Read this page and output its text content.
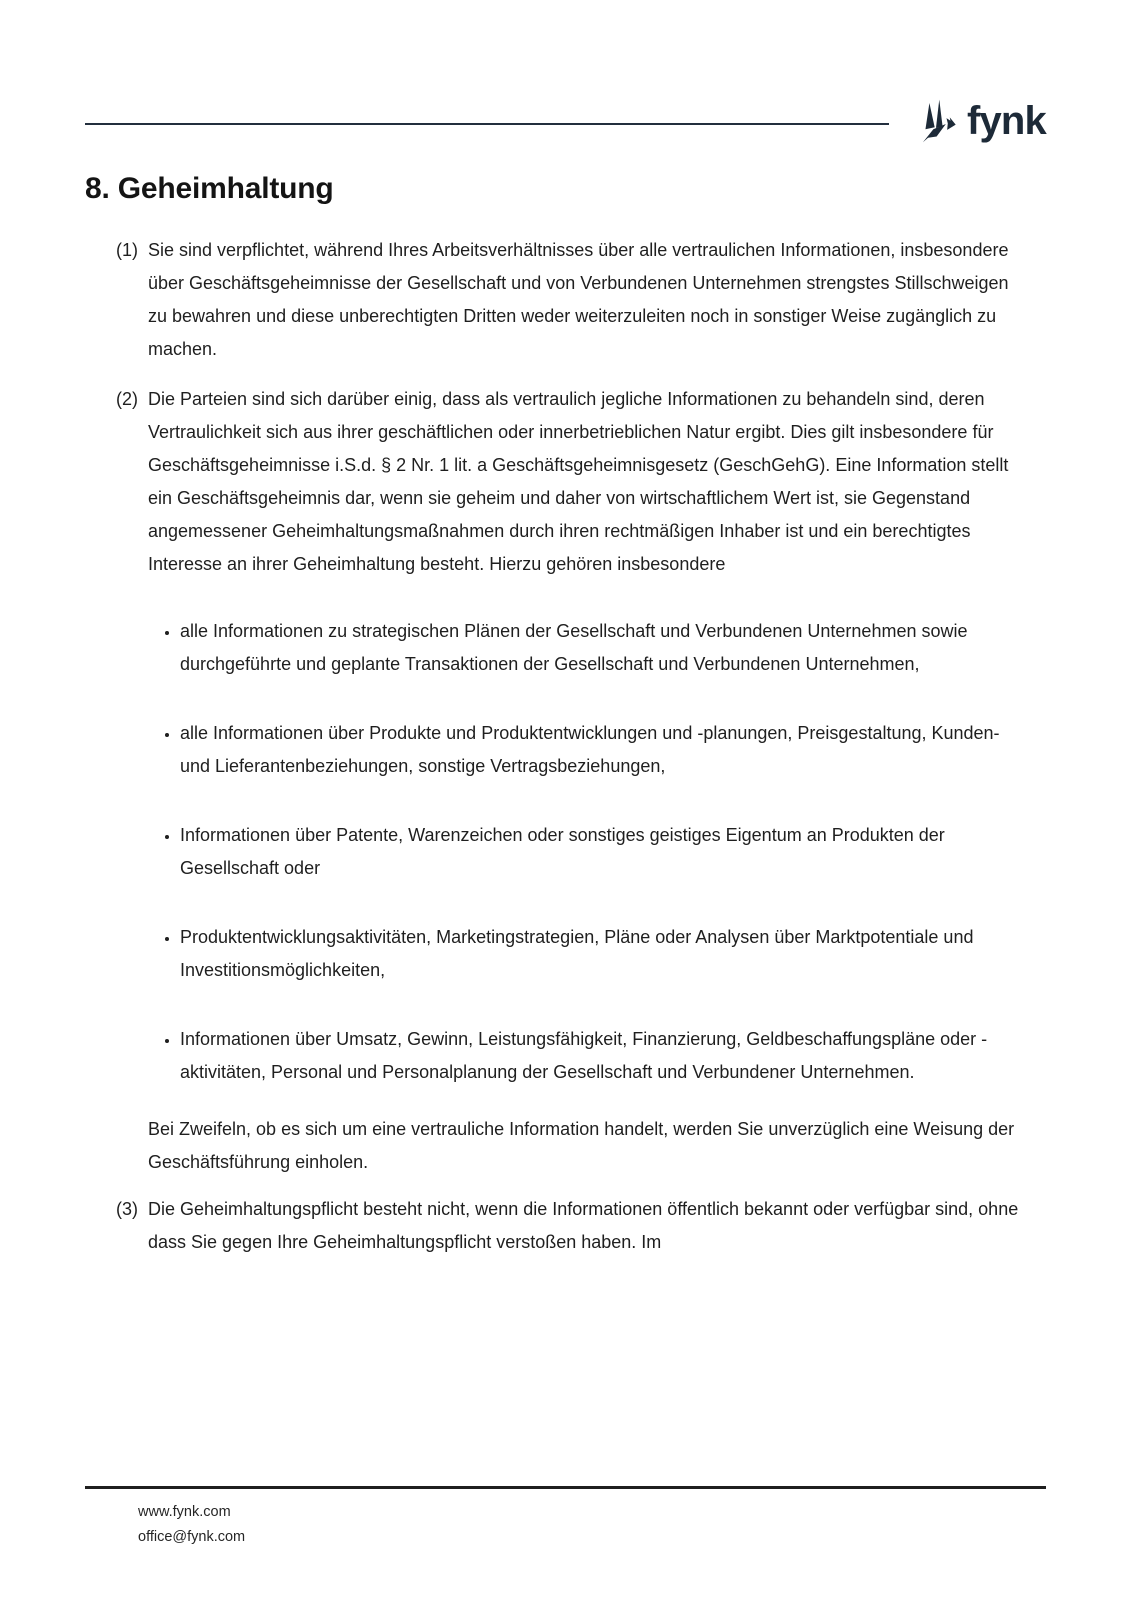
fynk
8. Geheimhaltung
(1) Sie sind verpflichtet, während Ihres Arbeitsverhältnisses über alle vertraulichen Informationen, insbesondere über Geschäftsgeheimnisse der Gesellschaft und von Verbundenen Unternehmen strengstes Stillschweigen zu bewahren und diese unberechtigten Dritten weder weiterzuleiten noch in sonstiger Weise zugänglich zu machen.

(2) Die Parteien sind sich darüber einig, dass als vertraulich jegliche Informationen zu behandeln sind, deren Vertraulichkeit sich aus ihrer geschäftlichen oder innerbetrieblichen Natur ergibt. Dies gilt insbesondere für Geschäftsgeheimnisse i.S.d. § 2 Nr. 1 lit. a Geschäftsgeheimnisgesetz (GeschGehG). Eine Information stellt ein Geschäftsgeheimnis dar, wenn sie geheim und daher von wirtschaftlichem Wert ist, sie Gegenstand angemessener Geheimhaltungsmaßnahmen durch ihren rechtmäßigen Inhaber ist und ein berechtigtes Interesse an ihrer Geheimhaltung besteht. Hierzu gehören insbesondere

• alle Informationen zu strategischen Plänen der Gesellschaft und Verbundenen Unternehmen sowie durchgeführte und geplante Transaktionen der Gesellschaft und Verbundenen Unternehmen,
• alle Informationen über Produkte und Produktentwicklungen und -planungen, Preisgestaltung, Kunden- und Lieferantenbeziehungen, sonstige Vertragsbeziehungen,
• Informationen über Patente, Warenzeichen oder sonstiges geistiges Eigentum an Produkten der Gesellschaft oder
• Produktentwicklungsaktivitäten, Marketingstrategien, Pläne oder Analysen über Marktpotentiale und Investitionsmöglichkeiten,
• Informationen über Umsatz, Gewinn, Leistungsfähigkeit, Finanzierung, Geldbeschaffungspläne oder -aktivitäten, Personal und Personalplanung der Gesellschaft und Verbundener Unternehmen.

Bei Zweifeln, ob es sich um eine vertrauliche Information handelt, werden Sie unverzüglich eine Weisung der Geschäftsführung einholen.

(3) Die Geheimhaltungspflicht besteht nicht, wenn die Informationen öffentlich bekannt oder verfügbar sind, ohne dass Sie gegen Ihre Geheimhaltungspflicht verstoßen haben. Im

www.fynk.com
office@fynk.com
